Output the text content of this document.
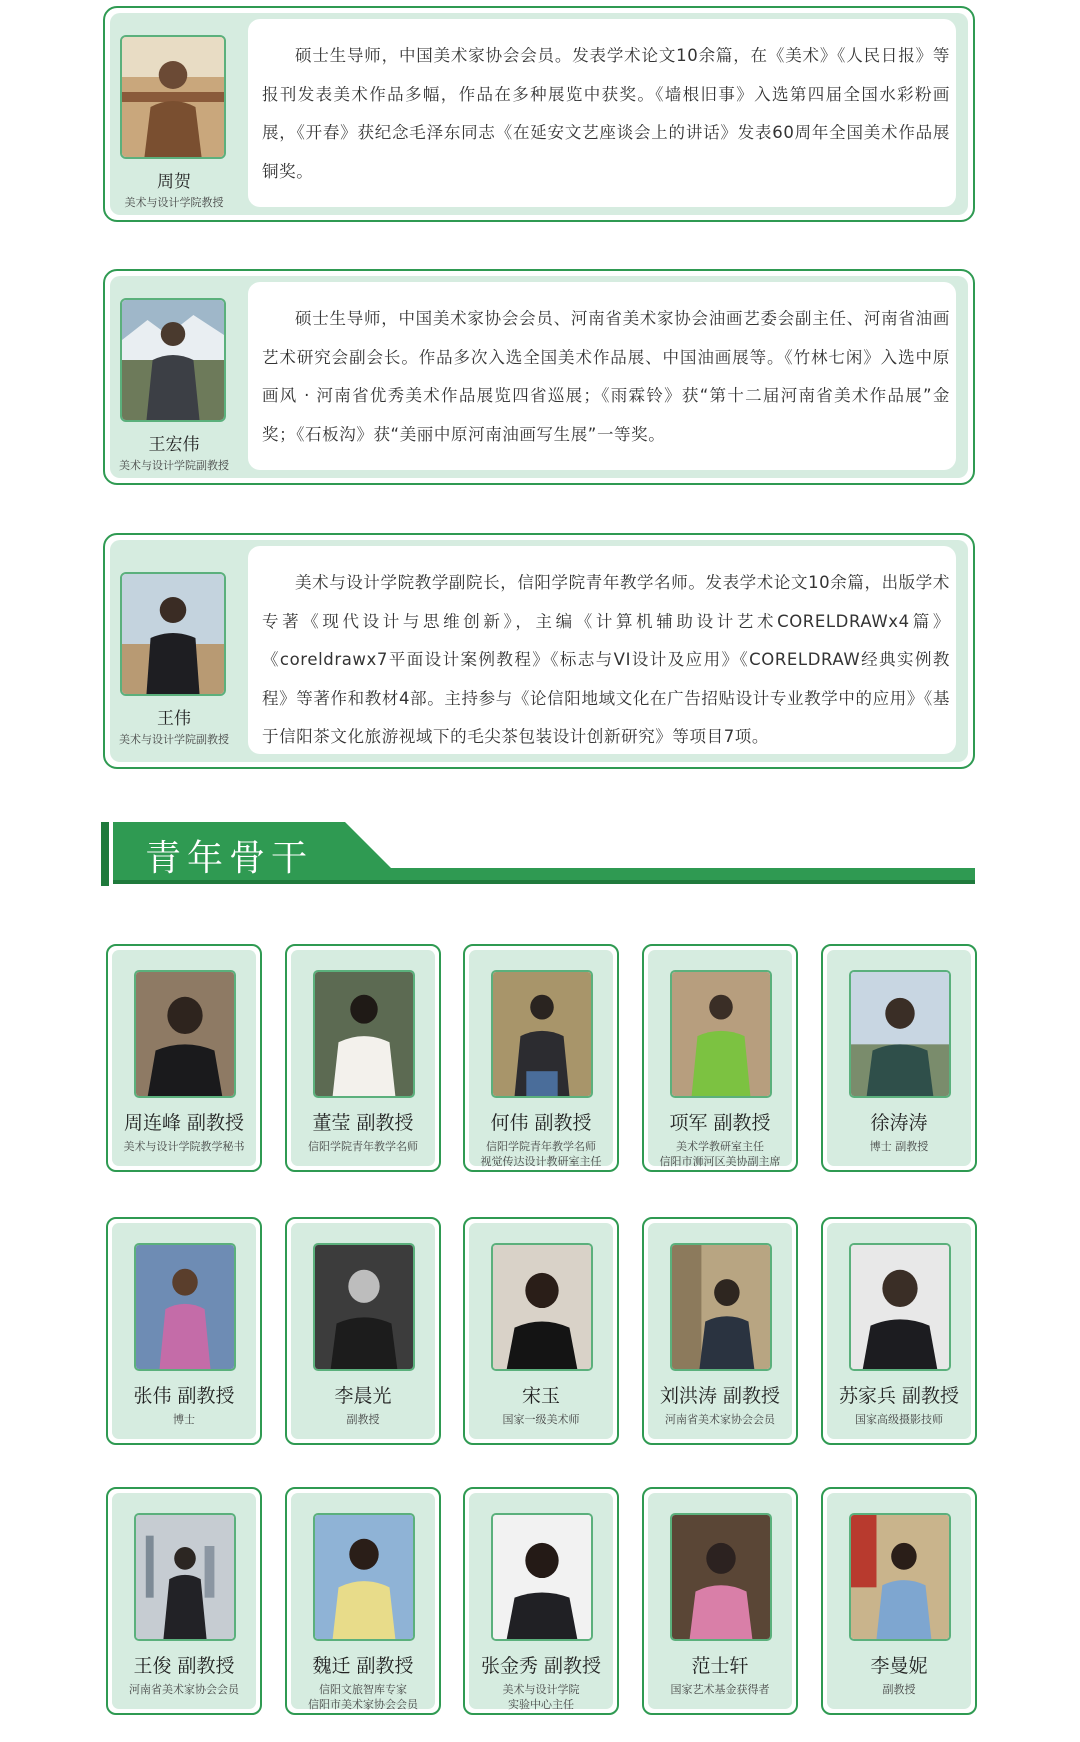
周贺
美术与设计学院教授

硕士生导师，中国美术家协会会员。发表学术论文10余篇，在《美术》《人民日报》等报刊发表美术作品多幅，作品在多种展览中获奖。《墙根旧事》入选第四届全国水彩粉画展，《开春》获纪念毛泽东同志《在延安文艺座谈会上的讲话》发表60周年全国美术作品展铜奖。

王宏伟
美术与设计学院副教授

硕士生导师，中国美术家协会会员、河南省美术家协会油画艺委会副主任、河南省油画艺术研究会副会长。作品多次入选全国美术作品展、中国油画展等。《竹林七闲》入选中原画风 · 河南省优秀美术作品展览四省巡展；《雨霖铃》获“第十二届河南省美术作品展”金奖；《石板沟》获“美丽中原河南油画写生展”一等奖。

王伟
美术与设计学院副教授

美术与设计学院教学副院长，信阳学院青年教学名师。发表学术论文10余篇，出版学术专著《现代设计与思维创新》，主编《计算机辅助设计艺术CORELDRAWx4篇》《coreldrawx7平面设计案例教程》《标志与VI设计及应用》《CORELDRAW经典实例教程》等著作和教材4部。主持参与《论信阳地域文化在广告招贴设计专业教学中的应用》《基于信阳茶文化旅游视域下的毛尖茶包装设计创新研究》等项目7项。

青年骨干
周连峰 副教授
美术与设计学院教学秘书
董莹 副教授
信阳学院青年教学名师
何伟 副教授
信阳学院青年教学名师
视觉传达设计教研室主任
项军 副教授
美术学教研室主任
信阳市浉河区美协副主席
徐涛涛
博士 副教授
张伟 副教授
博士
李晨光
副教授
宋玉
国家一级美术师
刘洪涛 副教授
河南省美术家协会会员
苏家兵 副教授
国家高级摄影技师
王俊 副教授
河南省美术家协会会员
魏迁 副教授
信阳文旅智库专家
信阳市美术家协会会员
张金秀 副教授
美术与设计学院
实验中心主任
范士轩
国家艺术基金获得者
李曼妮
副教授
